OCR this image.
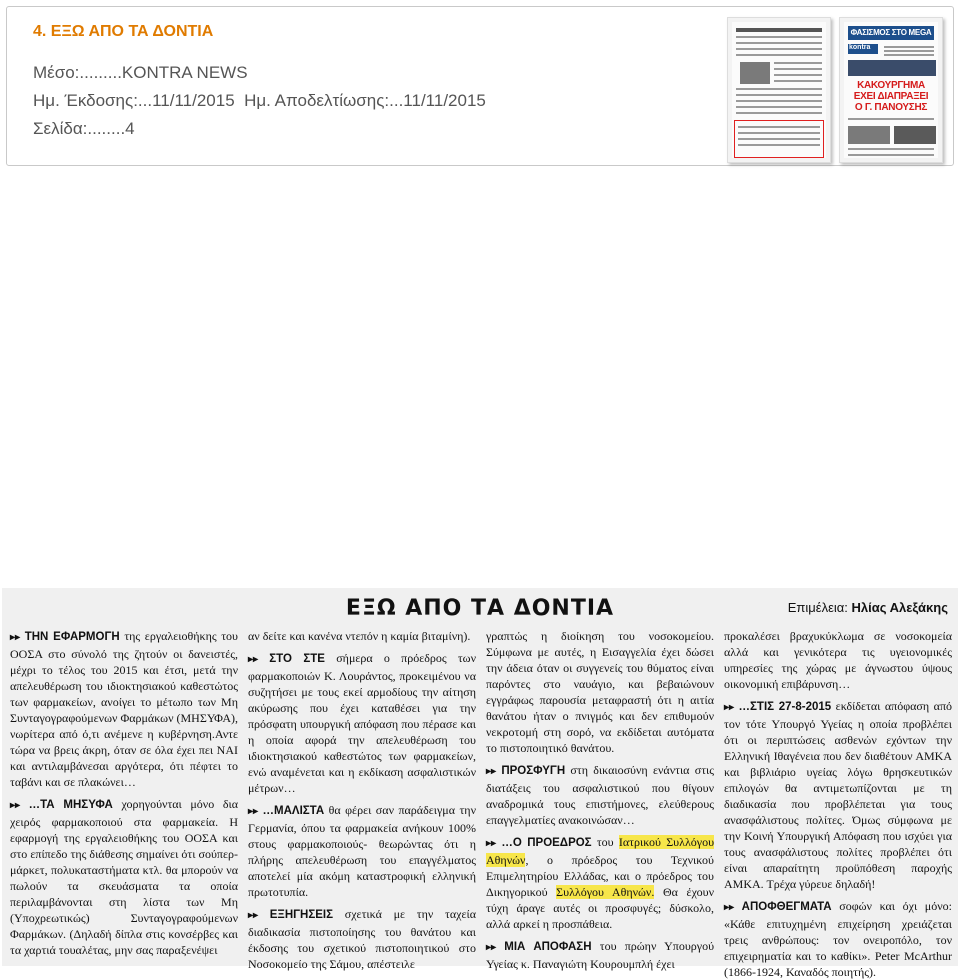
4. ΕΞΩ ΑΠΟ ΤΑ ΔΟΝΤΙΑ
Μέσο:.........KONTRA NEWS
Ημ. Έκδοσης:...11/11/2015  Ημ. Αποδελτίωσης:...11/11/2015
Σελίδα:........4
ΦΑΣΙΣΜΟΣ ΣΤΟ MEGA
kontra
ΚΑΚΟΥΡΓΗΜΑ
ΕΧΕΙ ΔΙΑΠΡΑΞΕΙ
Ο Γ. ΠΑΝΟΥΣΗΣ
ΕΞΩ ΑΠΟ ΤΑ ΔΟΝΤΙΑ	Επιμέλεια: Ηλίας Αλεξάκης
▸▸ ΤΗΝ ΕΦΑΡΜΟΓΗ της εργαλειοθήκης του ΟΟΣΑ στο σύνολό της ζητούν οι δανειστές, μέχρι το τέλος του 2015 και έτσι, μετά την απελευθέρωση του ιδιοκτησιακού καθεστώτος των φαρμακείων, ανοίγει το μέτωπο των Μη Συνταγογραφούμενων Φαρμάκων (ΜΗΣΥΦΑ), νωρίτερα από ό,τι ανέμενε η κυβέρνηση.Αντε τώρα να βρεις άκρη, όταν σε όλα έχει πει ΝΑΙ και αντιλαμβάνεσαι αργότερα, ότι πέφτει το ταβάνι και σε πλακώνει…
▸▸ …ΤΑ ΜΗΣΥΦΑ χορηγούνται μόνο δια χειρός φαρμακοποιού στα φαρμακεία. Η εφαρμογή της εργαλειοθήκης του ΟΟΣΑ και στο επίπεδο της διάθεσης σημαίνει ότι σούπερ-μάρκετ, πολυκαταστήματα κτλ. θα μπορούν να πωλούν τα σκευάσματα τα οποία περιλαμβάνονται στη λίστα των Μη (Υποχρεωτικώς) Συνταγογραφούμενων Φαρμάκων. (Δηλαδή δίπλα στις κονσέρβες και τα χαρτιά τουαλέτας, μην σας παραξενέψει
αν δείτε και κανένα ντεπόν η καμία βιταμίνη).
▸▸ ΣΤΟ ΣΤΕ σήμερα ο πρόεδρος των φαρμακοποιών Κ. Λουράντος, προκειμένου να συζητήσει με τους εκεί αρμοδίους την αίτηση ακύρωσης που έχει καταθέσει για την πρόσφατη υπουργική απόφαση που πέρασε και η οποία αφορά την απελευθέρωση του ιδιοκτησιακού καθεστώτος των φαρμακείων, ενώ αναμένεται και η εκδίκαση ασφαλιστικών μέτρων…
▸▸ …ΜΑΛΙΣΤΑ θα φέρει σαν παράδειγμα την Γερμανία, όπου τα φαρμακεία ανήκουν 100% στους φαρμακοποιούς- θεωρώντας ότι η πλήρης απελευθέρωση του επαγγέλματος αποτελεί μία ακόμη καταστροφική ελληνική πρωτοτυπία.
▸▸ ΕΞΗΓΗΣΕΙΣ σχετικά με την ταχεία διαδικασία πιστοποίησης του θανάτου και έκδοσης του σχετικού πιστοποιητικού στο Νοσοκομείο της Σάμου, απέστειλε
γραπτώς η διοίκηση του νοσοκομείου. Σύμφωνα με αυτές, η Εισαγγελία έχει δώσει την άδεια όταν οι συγγενείς του θύματος είναι παρόντες στο ναυάγιο, και βεβαιώνουν εγγράφως παρουσία μεταφραστή ότι η αιτία θανάτου ήταν ο πνιγμός και δεν επιθυμούν νεκροτομή στη σορό, να εκδίδεται αυτόματα το πιστοποιητικό θανάτου.
▸▸ ΠΡΟΣΦΥΓΗ στη δικαιοσύνη ενάντια στις διατάξεις του ασφαλιστικού που θίγουν αναδρομικά τους επιστήμονες, ελεύθερους επαγγελματίες ανακοινώσαν…
▸▸ …Ο ΠΡΟΕΔΡΟΣ του Ιατρικού Συλλόγου Αθηνών, ο πρόεδρος του Τεχνικού Επιμελητηρίου Ελλάδας, και ο πρόεδρος του Δικηγορικού Συλλόγου Αθηνών. Θα έχουν τύχη άραγε αυτές οι προσφυγές; δύσκολο, αλλά αρκεί η προσπάθεια.
▸▸ ΜΙΑ ΑΠΟΦΑΣΗ του πρώην Υπουργού Υγείας κ. Παναγιώτη Κουρουμπλή έχει
προκαλέσει βραχυκύκλωμα σε νοσοκομεία αλλά και γενικότερα τις υγειονομικές υπηρεσίες της χώρας με άγνωστου ύψους οικονομική επιβάρυνση…
▸▸ …ΣΤΙΣ 27-8-2015 εκδίδεται απόφαση από τον τότε Υπουργό Υγείας η οποία προβλέπει ότι οι περιπτώσεις ασθενών εχόντων την Ελληνική Ιθαγένεια που δεν διαθέτουν ΑΜΚΑ και βιβλιάριο υγείας λόγω θρησκευτικών επιλογών θα αντιμετωπίζονται με τη διαδικασία που προβλέπεται για τους ανασφάλιστους πολίτες. Όμως σύμφωνα με την Κοινή Υπουργική Απόφαση που ισχύει για τους ανασφάλιστους πολίτες προβλέπει ότι είναι απαραίτητη προϋπόθεση παροχής ΑΜΚΑ. Τρέχα γύρευε δηλαδή!
▸▸ ΑΠΟΦΘΕΓΜΑΤΑ σοφών και όχι μόνο: «Κάθε επιτυχημένη επιχείρηση χρειάζεται τρεις ανθρώπους: τον ονειροπόλο, τον επιχειρηματία και το καθίκι». Peter McArthur (1866-1924, Καναδός ποιητής).
